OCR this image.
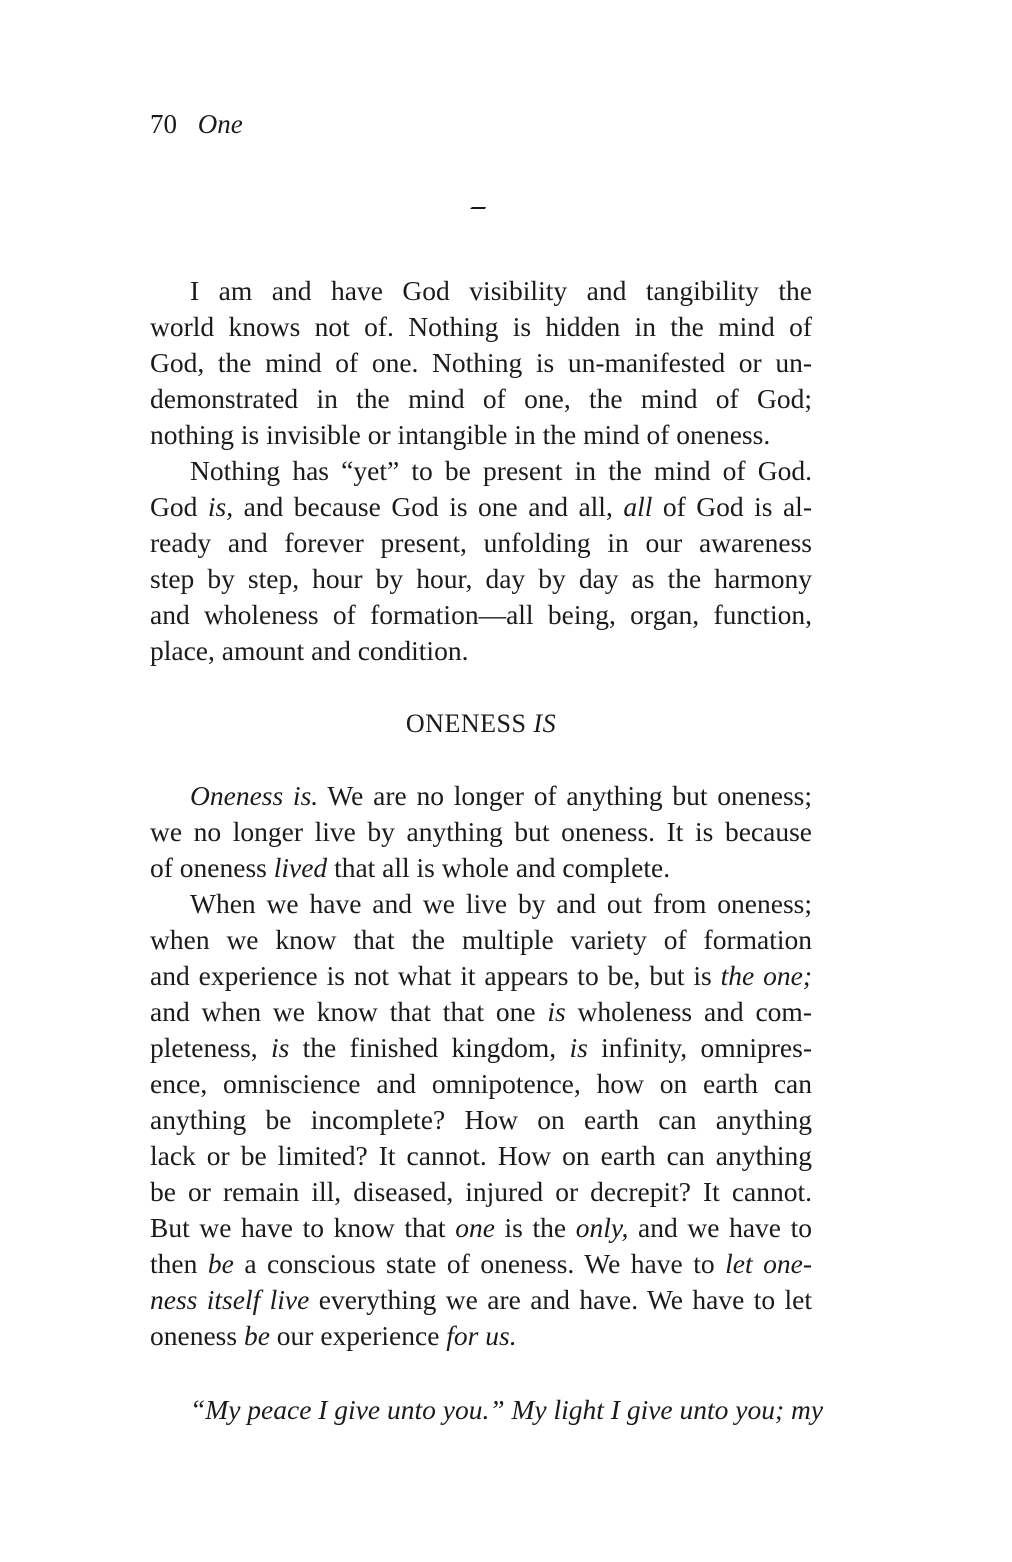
70 One
I am and have God visibility and tangibility the
world knows not of. Nothing is hidden in the mind of
God, the mind of one. Nothing is un-manifested or un-
demonstrated in the mind of one, the mind of God;
nothing is invisible or intangible in the mind of oneness.
Nothing has “yet” to be present in the mind of God.
God is, and because God is one and all, all of God is al-
ready and forever present, unfolding in our awareness
step by step, hour by hour, day by day as the harmony
and wholeness of formation—all being, organ, function,
place, amount and condition.
ONENESS IS
Oneness is. We are no longer of anything but oneness;
we no longer live by anything but oneness. It is because
of oneness lived that all is whole and complete.
When we have and we live by and out from oneness;
when we know that the multiple variety of formation
and experience is not what it appears to be, but is the one;
and when we know that that one is wholeness and com-
pleteness, is the finished kingdom, is infinity, omnipres-
ence, omniscience and omnipotence, how on earth can
anything be incomplete? How on earth can anything
lack or be limited? It cannot. How on earth can anything
be or remain ill, diseased, injured or decrepit? It cannot.
But we have to know that one is the only, and we have to
then be a conscious state of oneness. We have to let one-
ness itself live everything we are and have. We have to let
oneness be our experience for us.
“My peace I give unto you.” My light I give unto you; my
